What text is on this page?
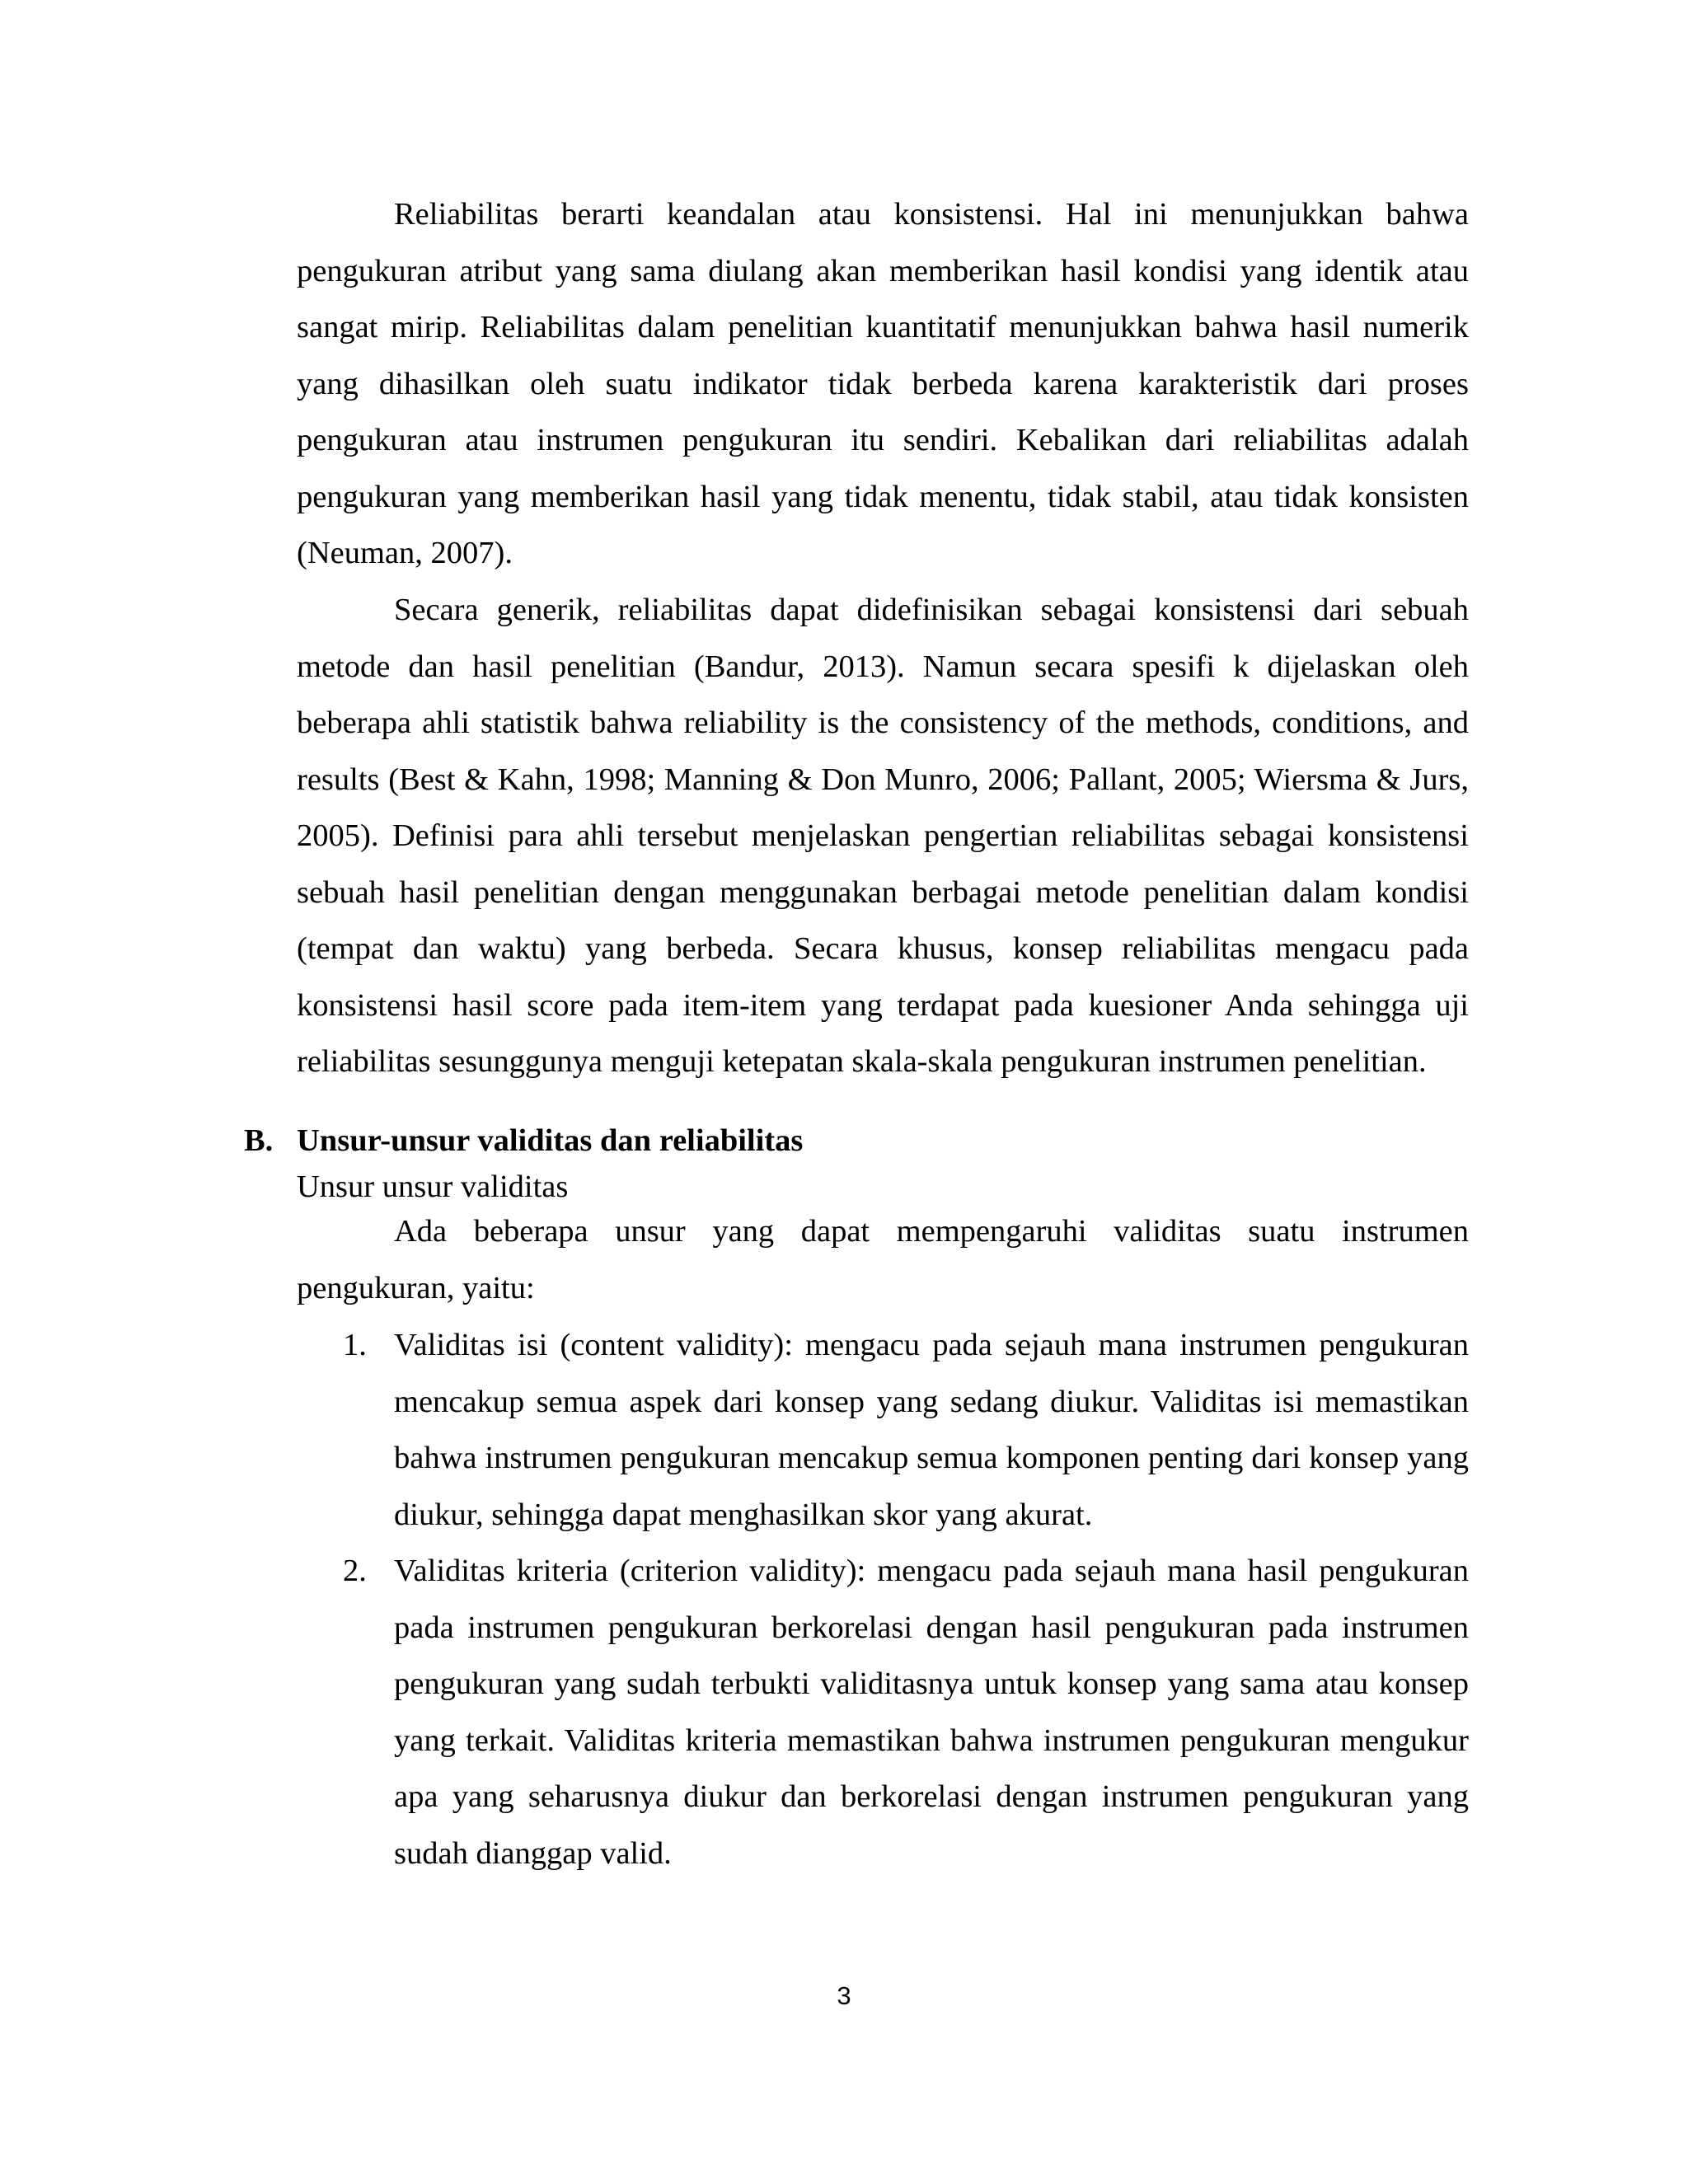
Reliabilitas berarti keandalan atau konsistensi. Hal ini menunjukkan bahwa pengukuran atribut yang sama diulang akan memberikan hasil kondisi yang identik atau sangat mirip. Reliabilitas dalam penelitian kuantitatif menunjukkan bahwa hasil numerik yang dihasilkan oleh suatu indikator tidak berbeda karena karakteristik dari proses pengukuran atau instrumen pengukuran itu sendiri. Kebalikan dari reliabilitas adalah pengukuran yang memberikan hasil yang tidak menentu, tidak stabil, atau tidak konsisten (Neuman, 2007).

Secara generik, reliabilitas dapat didefinisikan sebagai konsistensi dari sebuah metode dan hasil penelitian (Bandur, 2013). Namun secara spesifi k dijelaskan oleh beberapa ahli statistik bahwa reliability is the consistency of the methods, conditions, and results (Best & Kahn, 1998; Manning & Don Munro, 2006; Pallant, 2005; Wiersma & Jurs, 2005). Definisi para ahli tersebut menjelaskan pengertian reliabilitas sebagai konsistensi sebuah hasil penelitian dengan menggunakan berbagai metode penelitian dalam kondisi (tempat dan waktu) yang berbeda. Secara khusus, konsep reliabilitas mengacu pada konsistensi hasil score pada item-item yang terdapat pada kuesioner Anda sehingga uji reliabilitas sesunggunya menguji ketepatan skala-skala pengukuran instrumen penelitian.

B. Unsur-unsur validitas dan reliabilitas

Unsur unsur validitas

Ada beberapa unsur yang dapat mempengaruhi validitas suatu instrumen pengukuran, yaitu:

1. Validitas isi (content validity): mengacu pada sejauh mana instrumen pengukuran mencakup semua aspek dari konsep yang sedang diukur. Validitas isi memastikan bahwa instrumen pengukuran mencakup semua komponen penting dari konsep yang diukur, sehingga dapat menghasilkan skor yang akurat.
2. Validitas kriteria (criterion validity): mengacu pada sejauh mana hasil pengukuran pada instrumen pengukuran berkorelasi dengan hasil pengukuran pada instrumen pengukuran yang sudah terbukti validitasnya untuk konsep yang sama atau konsep yang terkait. Validitas kriteria memastikan bahwa instrumen pengukuran mengukur apa yang seharusnya diukur dan berkorelasi dengan instrumen pengukuran yang sudah dianggap valid.
3
